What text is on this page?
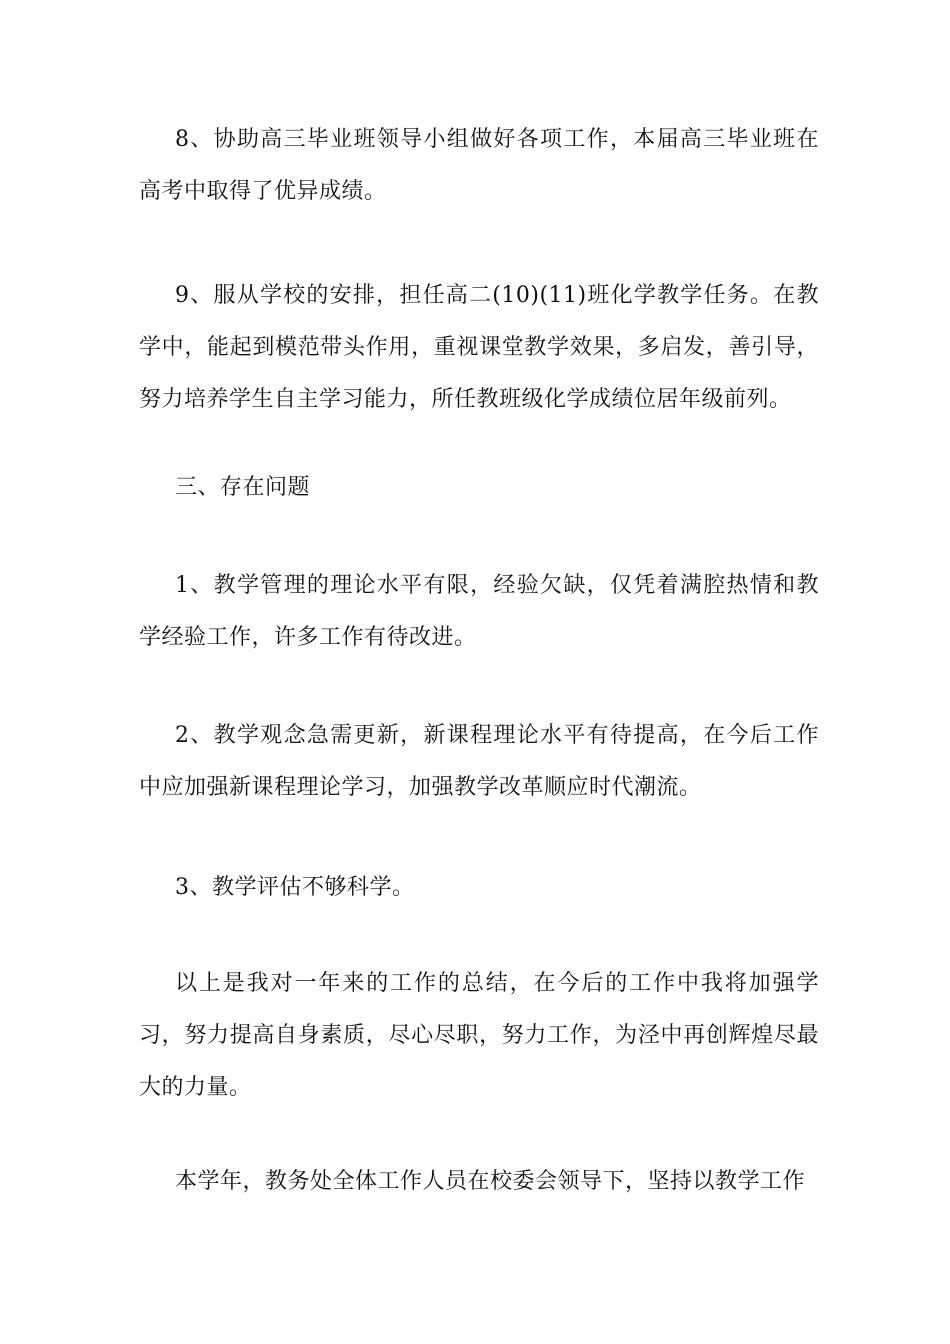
8、协助高三毕业班领导小组做好各项工作，本届高三毕业班在高考中取得了优异成绩。

9、服从学校的安排，担任高二(10)(11)班化学教学任务。在教学中，能起到模范带头作用，重视课堂教学效果，多启发，善引导，努力培养学生自主学习能力，所任教班级化学成绩位居年级前列。

三、存在问题

1、教学管理的理论水平有限，经验欠缺，仅凭着满腔热情和教学经验工作，许多工作有待改进。

2、教学观念急需更新，新课程理论水平有待提高，在今后工作中应加强新课程理论学习，加强教学改革顺应时代潮流。

3、教学评估不够科学。

以上是我对一年来的工作的总结，在今后的工作中我将加强学习，努力提高自身素质，尽心尽职，努力工作，为泾中再创辉煌尽最大的力量。

本学年，教务处全体工作人员在校委会领导下，坚持以教学工作
